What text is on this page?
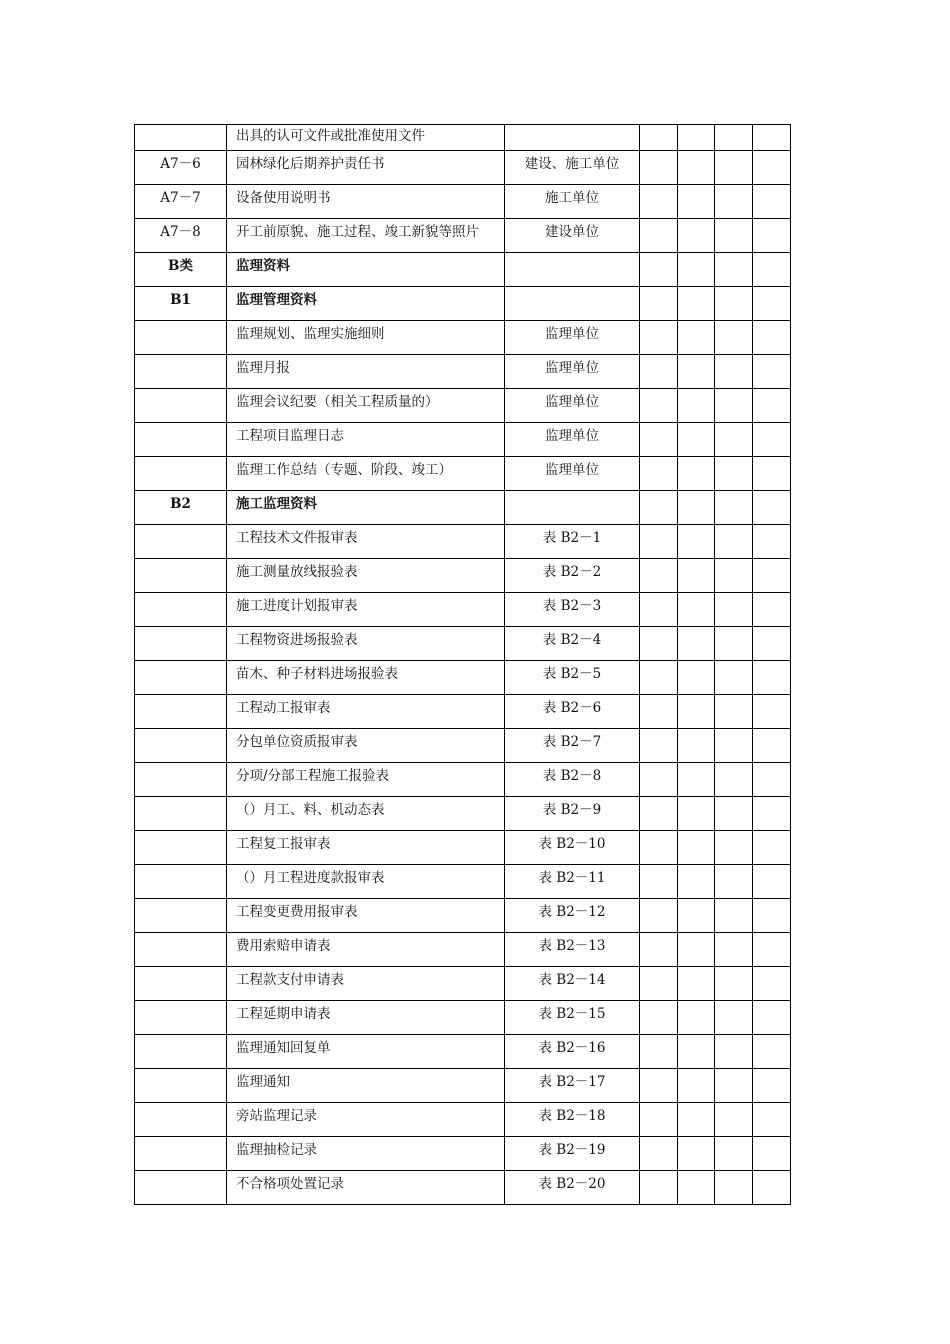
	出具的认可文件或批准使用文件					
A7－6	园林绿化后期养护责任书	建设、施工单位				
A7－7	设备使用说明书	施工单位				
A7－8	开工前原貌、施工过程、竣工新貌等照片	建设单位				
B类	监理资料					
B1	监理管理资料					
	监理规划、监理实施细则	监理单位				
	监理月报	监理单位				
	监理会议纪要（相关工程质量的）	监理单位				
	工程项目监理日志	监理单位				
	监理工作总结（专题、阶段、竣工）	监理单位				
B2	施工监理资料					
	工程技术文件报审表	表 B2－1				
	施工测量放线报验表	表 B2－2				
	施工进度计划报审表	表 B2－3				
	工程物资进场报验表	表 B2－4				
	苗木、种子材料进场报验表	表 B2－5				
	工程动工报审表	表 B2－6				
	分包单位资质报审表	表 B2－7				
	分项/分部工程施工报验表	表 B2－8				
	（）月工、料、机动态表	表 B2－9				
	工程复工报审表	表 B2－10				
	（）月工程进度款报审表	表 B2－11				
	工程变更费用报审表	表 B2－12				
	费用索赔申请表	表 B2－13				
	工程款支付申请表	表 B2－14				
	工程延期申请表	表 B2－15				
	监理通知回复单	表 B2－16				
	监理通知	表 B2－17				
	旁站监理记录	表 B2－18				
	监理抽检记录	表 B2－19				
	不合格项处置记录	表 B2－20				
